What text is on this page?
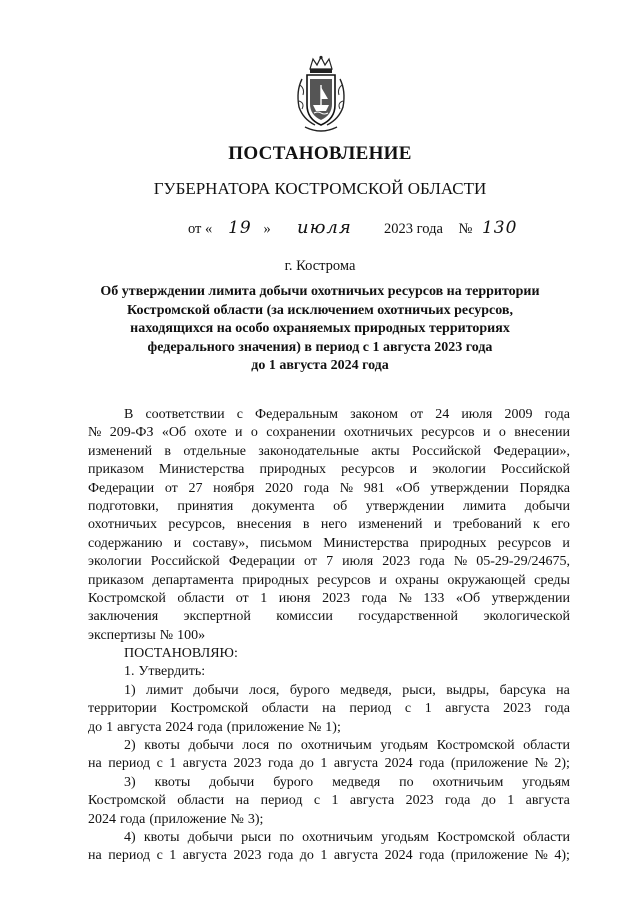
ПОСТАНОВЛЕНИЕ
ГУБЕРНАТОРА КОСТРОМСКОЙ ОБЛАСТИ
от « 19 » июля 2023 года № 130
г. Кострома
Об утверждении лимита добычи охотничьих ресурсов на территории
Костромской области (за исключением охотничьих ресурсов,
находящихся на особо охраняемых природных территориях
федерального значения) в период с 1 августа 2023 года
до 1 августа 2024 года
В соответствии с Федеральным законом от 24 июля 2009 года
№ 209-ФЗ «Об охоте и о сохранении охотничьих ресурсов и о внесении
изменений в отдельные законодательные акты Российской Федерации»,
приказом Министерства природных ресурсов и экологии Российской
Федерации от 27 ноября 2020 года № 981 «Об утверждении Порядка
подготовки, принятия документа об утверждении лимита добычи
охотничьих ресурсов, внесения в него изменений и требований к его
содержанию и составу», письмом Министерства природных ресурсов и
экологии Российской Федерации от 7 июля 2023 года № 05-29-29/24675,
приказом департамента природных ресурсов и охраны окружающей среды
Костромской области от 1 июня 2023 года № 133 «Об утверждении
заключения экспертной комиссии государственной экологической
экспертизы № 100»
ПОСТАНОВЛЯЮ:
1. Утвердить:
1) лимит добычи лося, бурого медведя, рыси, выдры, барсука на
территории Костромской области на период с 1 августа 2023 года
до 1 августа 2024 года (приложение № 1);
2) квоты добычи лося по охотничьим угодьям Костромской области
на период с 1 августа 2023 года до 1 августа 2024 года (приложение № 2);
3) квоты добычи бурого медведя по охотничьим угодьям
Костромской области на период с 1 августа 2023 года до 1 августа
2024 года (приложение № 3);
4) квоты добычи рыси по охотничьим угодьям Костромской области
на период с 1 августа 2023 года до 1 августа 2024 года (приложение № 4);
